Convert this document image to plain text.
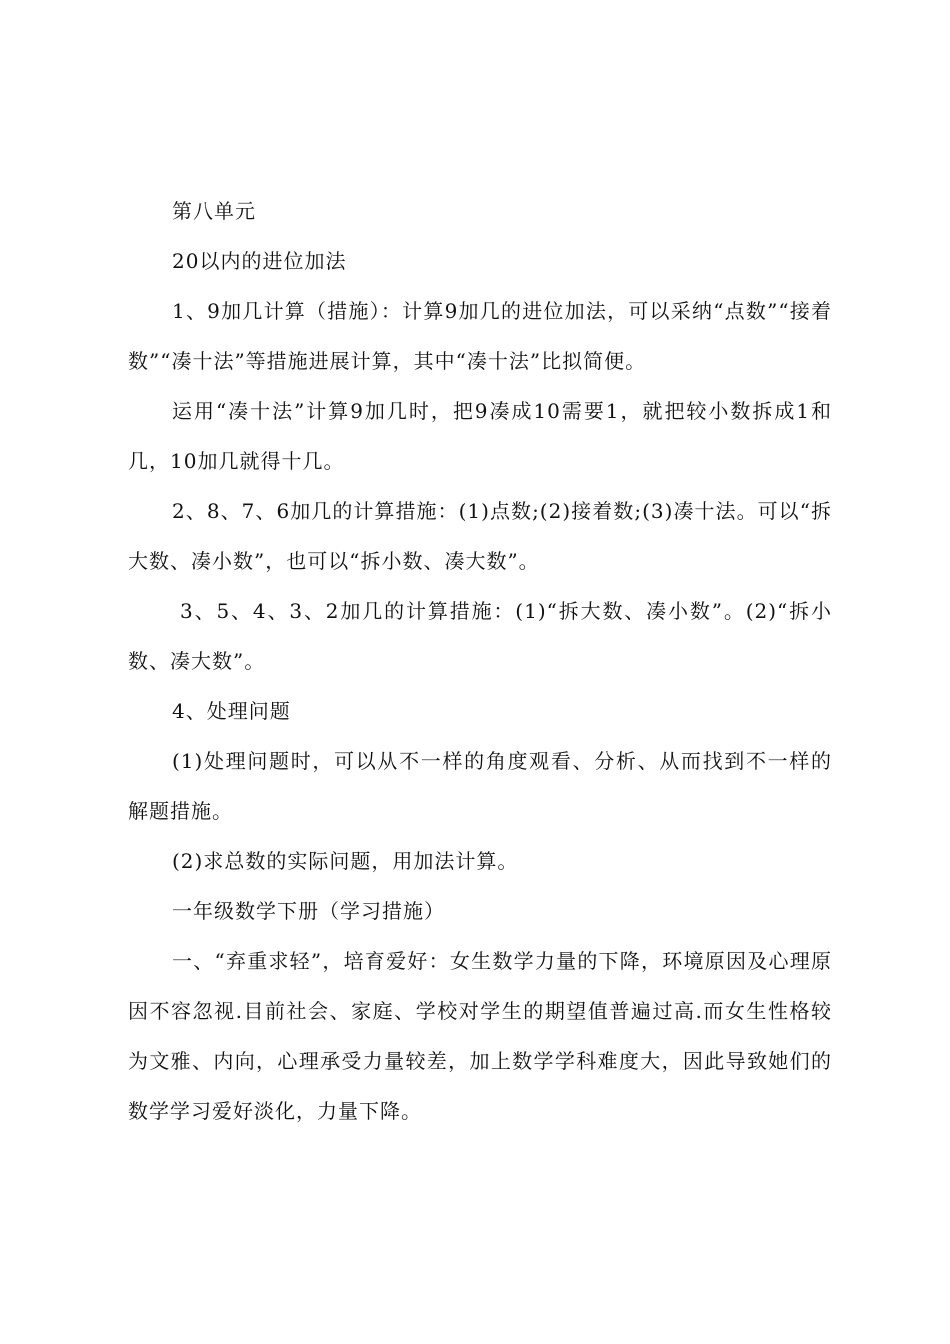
第八单元

20以内的进位加法

1、9加几计算（措施）：计算9加几的进位加法，可以采纳“点数”“接着数”“凑十法”等措施进展计算，其中“凑十法”比拟简便。

运用“凑十法”计算9加几时，把9凑成10需要1，就把较小数拆成1和几，10加几就得十几。

2、8、7、6加几的计算措施：(1)点数;(2)接着数;(3)凑十法。可以“拆大数、凑小数”，也可以“拆小数、凑大数”。

3、5、4、3、2加几的计算措施：(1)“拆大数、凑小数”。(2)“拆小数、凑大数”。

4、处理问题

(1)处理问题时，可以从不一样的角度观看、分析、从而找到不一样的解题措施。

(2)求总数的实际问题，用加法计算。

一年级数学下册（学习措施）

一、“弃重求轻”，培育爱好：女生数学力量的下降，环境原因及心理原因不容忽视.目前社会、家庭、学校对学生的期望值普遍过高.而女生性格较为文雅、内向，心理承受力量较差，加上数学学科难度大，因此导致她们的数学学习爱好淡化，力量下降。
